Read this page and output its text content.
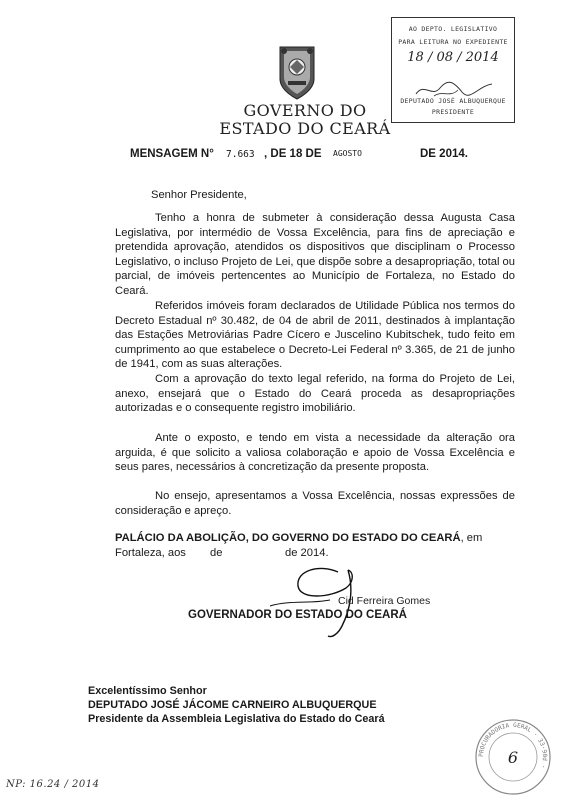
AO DEPTO. LEGISLATIVO
PARA LEITURA NO EXPEDIENTE
18 / 08 / 2014
DEPUTADO JOSÉ ALBUQUERQUE
PRESIDENTE
GOVERNO DO
ESTADO DO CEARÁ
MENSAGEM N° 7.663 , DE 18 DE AGOSTO	DE 2014.
Senhor Presidente,
Tenho a honra de submeter à consideração dessa Augusta Casa Legislativa, por intermédio de Vossa Excelência, para fins de apreciação e pretendida aprovação, atendidos os dispositivos que disciplinam o Processo Legislativo, o incluso Projeto de Lei, que dispõe sobre a desapropriação, total ou parcial, de imóveis pertencentes ao Município de Fortaleza, no Estado do Ceará.
Referidos imóveis foram declarados de Utilidade Pública nos termos do Decreto Estadual nº 30.482, de 04 de abril de 2011, destinados à implantação das Estações Metroviárias Padre Cícero e Juscelino Kubitschek, tudo feito em cumprimento ao que estabelece o Decreto-Lei Federal nº 3.365, de 21 de junho de 1941, com as suas alterações.
Com a aprovação do texto legal referido, na forma do Projeto de Lei, anexo, ensejará que o Estado do Ceará proceda as desapropriações autorizadas e o consequente registro imobiliário.
Ante o exposto, e tendo em vista a necessidade da alteração ora arguida, é que solicito a valiosa colaboração e apoio de Vossa Excelência e seus pares, necessários à concretização da presente proposta.
No ensejo, apresentamos a Vossa Excelência, nossas expressões de consideração e apreço.
PALÁCIO DA ABOLIÇÃO, DO GOVERNO DO ESTADO DO CEARÁ, em
Fortaleza, aos de	de 2014.
Cid Ferreira Gomes
GOVERNADOR DO ESTADO DO CEARÁ
Excelentíssimo Senhor
DEPUTADO JOSÉ JÁCOME CARNEIRO ALBUQUERQUE
Presidente da Assembleia Legislativa do Estado do Ceará
PROCURADORIA GERAL · 33·90d ·
6
NP: 16.24 / 2014
